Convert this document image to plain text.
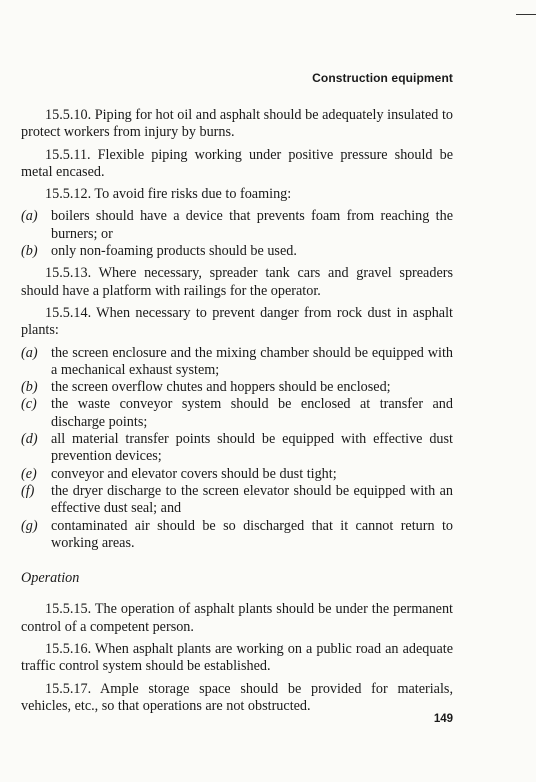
Construction equipment

15.5.10. Piping for hot oil and asphalt should be adequately insulated to protect workers from injury by burns.

15.5.11. Flexible piping working under positive pressure should be metal encased.

15.5.12. To avoid fire risks due to foaming:

(a) boilers should have a device that prevents foam from reaching the burners; or
(b) only non-foaming products should be used.

15.5.13. Where necessary, spreader tank cars and gravel spreaders should have a platform with railings for the operator.

15.5.14. When necessary to prevent danger from rock dust in asphalt plants:

(a) the screen enclosure and the mixing chamber should be equipped with a mechanical exhaust system;
(b) the screen overflow chutes and hoppers should be enclosed;
(c)	the waste conveyor system should be enclosed at transfer and discharge points;
(d) all material transfer points should be equipped with effective dust prevention devices;
(e)	conveyor and elevator covers should be dust tight;
(f)	the dryer discharge to the screen elevator should be equipped with an effective dust seal; and
(g) contaminated air should be so discharged that it cannot return to working areas.
Operation

15.5.15. The operation of asphalt plants should be under the permanent control of a competent person.

15.5.16. When asphalt plants are working on a public road an adequate traffic control system should be established.

15.5.17. Ample storage space should be provided for materials, vehicles, etc., so that operations are not obstructed.

149
